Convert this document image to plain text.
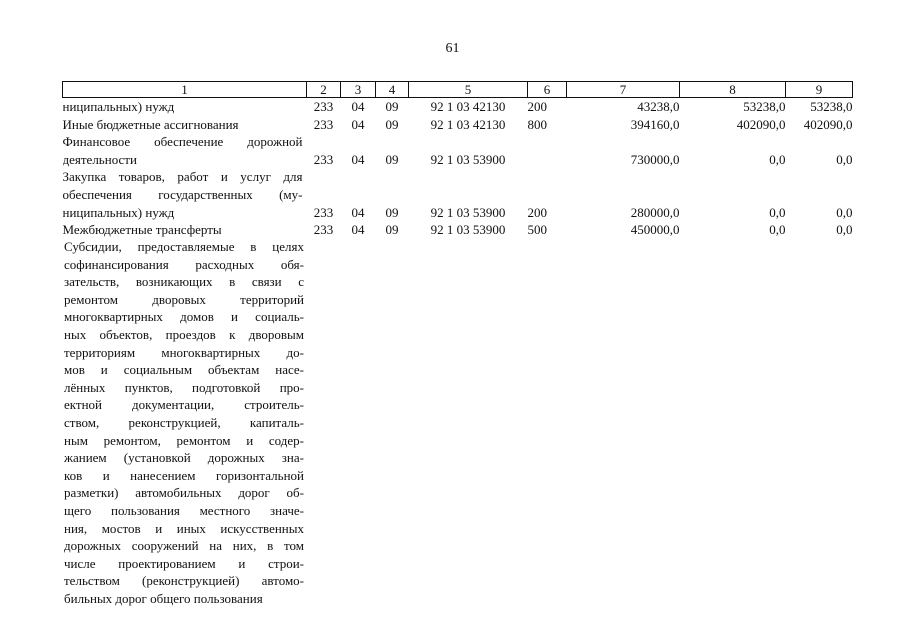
61
1	2	3	4	5	6	7	8	9

ниципальных) нужд	233	04	09	92 1 03 42130	200	43238,0	53238,0	53238,0

Иные бюджетные ассигнования	233	04	09	92 1 03 42130	800	394160,0	402090,0	402090,0

Финансовое обеспечение дорожной
деятельности	233	04	09	92 1 03 53900		730000,0	0,0	0,0

Закупка товаров, работ и услуг для
обеспечения государственных (му-
ниципальных) нужд	233	04	09	92 1 03 53900	200	280000,0	0,0	0,0

Межбюджетные трансферты	233	04	09	92 1 03 53900	500	450000,0	0,0	0,0
Субсидии, предоставляемые в целях
софинансирования расходных обя-
зательств, возникающих в связи с
ремонтом дворовых территорий
многоквартирных домов и социаль-
ных объектов, проездов к дворовым
территориям многоквартирных до-
мов и социальным объектам насе-
лённых пунктов, подготовкой про-
ектной документации, строитель-
ством, реконструкцией, капиталь-
ным ремонтом, ремонтом и содер-
жанием (установкой дорожных зна-
ков и нанесением горизонтальной
разметки) автомобильных дорог об-
щего пользования местного значе-
ния, мостов и иных искусственных
дорожных сооружений на них, в том
числе проектированием и строи-
тельством (реконструкцией) автомо-
бильных дорог общего пользования
